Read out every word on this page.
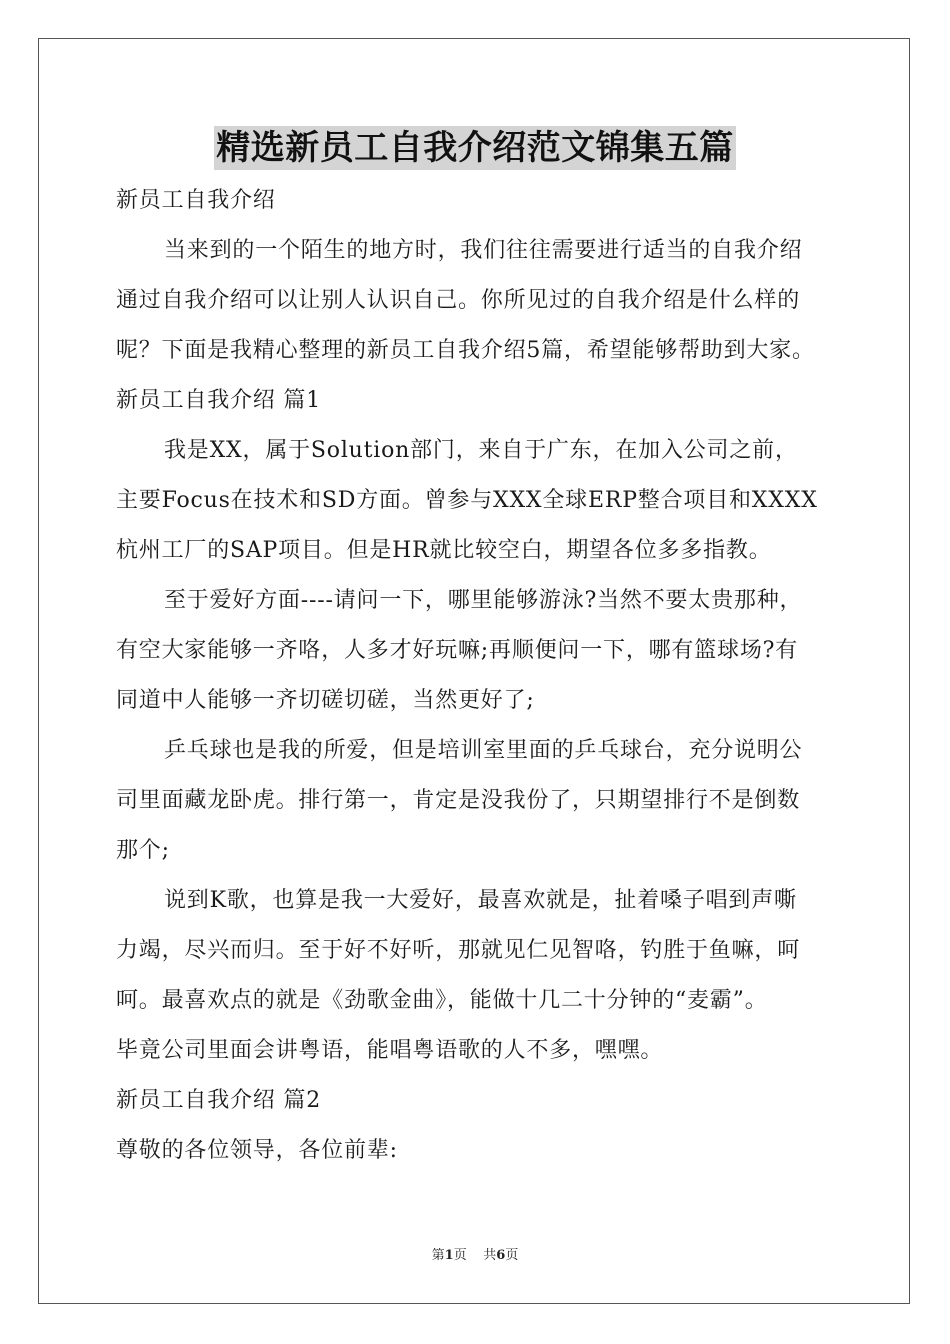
精选新员工自我介绍范文锦集五篇
新员工自我介绍
当来到的一个陌生的地方时，我们往往需要进行适当的自我介绍
通过自我介绍可以让别人认识自己。你所见过的自我介绍是什么样的
呢？下面是我精心整理的新员工自我介绍5篇，希望能够帮助到大家。
新员工自我介绍 篇1
我是XX，属于Solution部门，来自于广东，在加入公司之前，
主要Focus在技术和SD方面。曾参与XXX全球ERP整合项目和XXXX
杭州工厂的SAP项目。但是HR就比较空白，期望各位多多指教。
至于爱好方面----请问一下，哪里能够游泳?当然不要太贵那种，
有空大家能够一齐咯，人多才好玩嘛;再顺便问一下，哪有篮球场?有
同道中人能够一齐切磋切磋，当然更好了;
乒乓球也是我的所爱，但是培训室里面的乒乓球台，充分说明公
司里面藏龙卧虎。排行第一，肯定是没我份了，只期望排行不是倒数
那个;
说到K歌，也算是我一大爱好，最喜欢就是，扯着嗓子唱到声嘶
力竭，尽兴而归。至于好不好听，那就见仁见智咯，钓胜于鱼嘛，呵
呵。最喜欢点的就是《劲歌金曲》，能做十几二十分钟的“麦霸”。
毕竟公司里面会讲粤语，能唱粤语歌的人不多，嘿嘿。
新员工自我介绍 篇2
尊敬的各位领导，各位前辈:
第1页 共6页
